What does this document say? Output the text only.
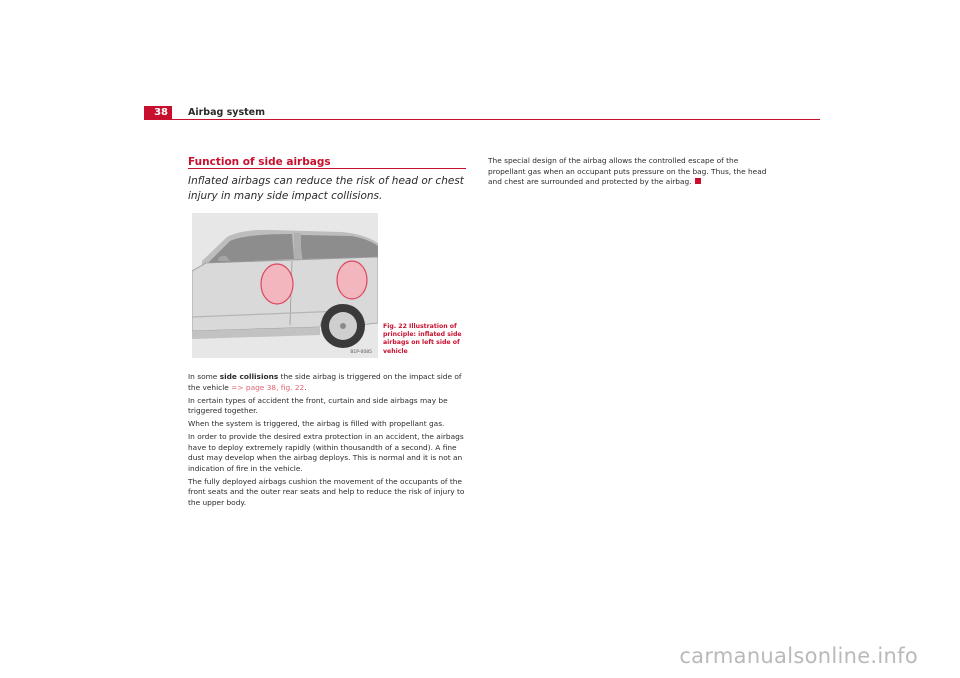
38	Airbag system
Function of side airbags

Inflated airbags can reduce the risk of head or chest injury in many side impact collisions.

B1P-0085

Fig. 22 Illustration of principle: inflated side airbags on left side of vehicle

In some side collisions the side airbag is triggered on the impact side of the vehicle => page 38, fig. 22.

In certain types of accident the front, curtain and side airbags may be triggered together.

When the system is triggered, the airbag is filled with propellant gas.

In order to provide the desired extra protection in an accident, the airbags have to deploy extremely rapidly (within thousandth of a second). A fine dust may develop when the airbag deploys. This is normal and it is not an indication of fire in the vehicle.

The fully deployed airbags cushion the movement of the occupants of the front seats and the outer rear seats and help to reduce the risk of injury to the upper body.

The special design of the airbag allows the controlled escape of the propellant gas when an occupant puts pressure on the bag. Thus, the head and chest are surrounded and protected by the airbag.

carmanualsonline.info
